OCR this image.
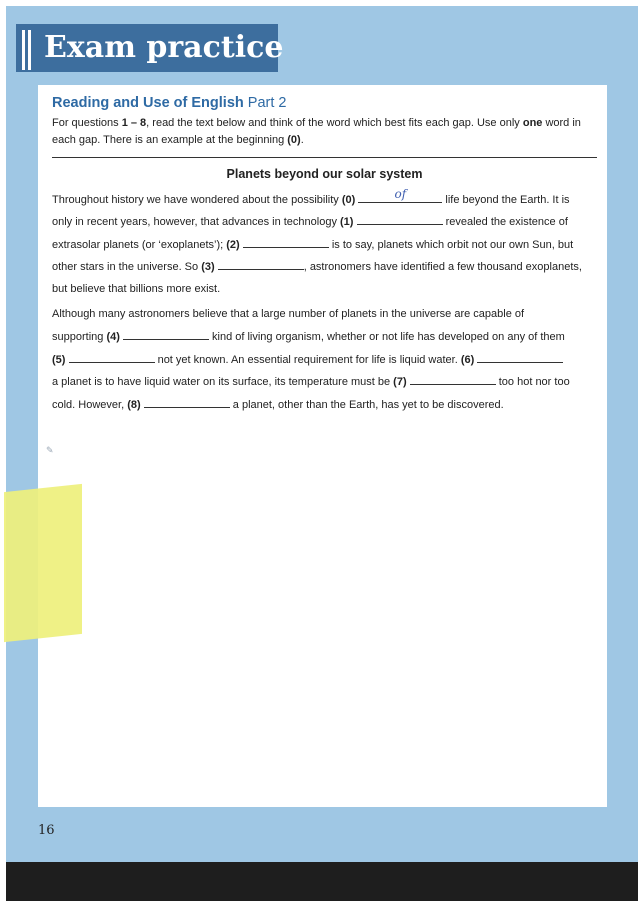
Exam practice
Reading and Use of English Part 2
For questions 1 – 8, read the text below and think of the word which best fits each gap. Use only one word in
each gap. There is an example at the beginning (0).
Planets beyond our solar system
Throughout history we have wondered about the possibility (0)	of	life beyond the Earth. It is
only in recent years, however, that advances in technology (1)	revealed the existence of
extrasolar planets (or ‘exoplanets’); (2)	is to say, planets which orbit not our own Sun, but
other stars in the universe. So (3)	, astronomers have identified a few thousand exoplanets,
but believe that billions more exist.
Although many astronomers believe that a large number of planets in the universe are capable of
supporting (4)	kind of living organism, whether or not life has developed on any of them
(5)	not yet known. An essential requirement for life is liquid water. (6)
a planet is to have liquid water on its surface, its temperature must be (7)	too hot nor too
cold. However, (8)	a planet, other than the Earth, has yet to be discovered.
✎
16
